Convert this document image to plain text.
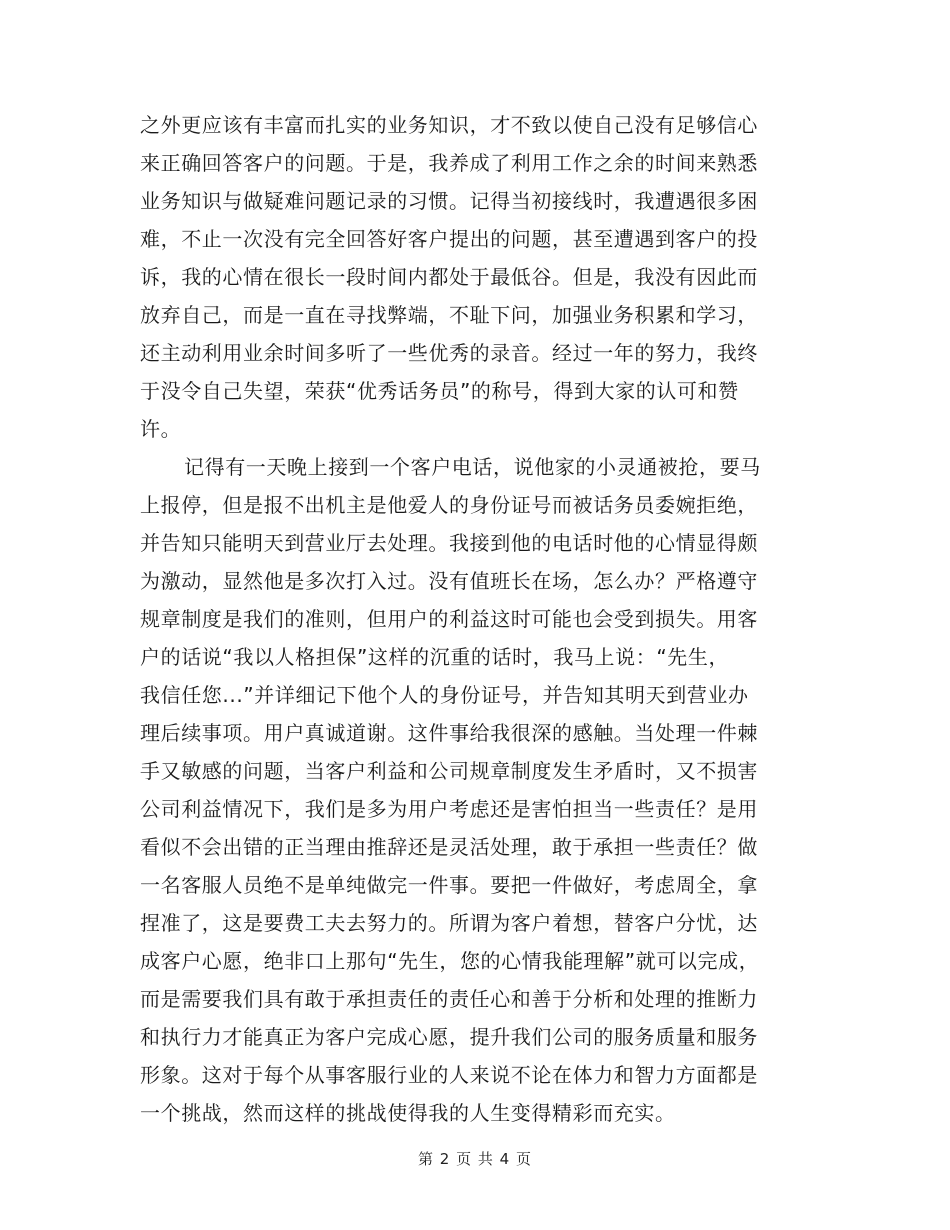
之外更应该有丰富而扎实的业务知识，才不致以使自己没有足够信心
来正确回答客户的问题。于是，我养成了利用工作之余的时间来熟悉
业务知识与做疑难问题记录的习惯。记得当初接线时，我遭遇很多困
难，不止一次没有完全回答好客户提出的问题，甚至遭遇到客户的投
诉，我的心情在很长一段时间内都处于最低谷。但是，我没有因此而
放弃自己，而是一直在寻找弊端，不耻下问，加强业务积累和学习，
还主动利用业余时间多听了一些优秀的录音。经过一年的努力，我终
于没令自己失望，荣获“优秀话务员”的称号，得到大家的认可和赞
许。
记得有一天晚上接到一个客户电话，说他家的小灵通被抢，要马
上报停，但是报不出机主是他爱人的身份证号而被话务员委婉拒绝，
并告知只能明天到营业厅去处理。我接到他的电话时他的心情显得颇
为激动，显然他是多次打入过。没有值班长在场，怎么办？严格遵守
规章制度是我们的准则，但用户的利益这时可能也会受到损失。用客
户的话说“我以人格担保”这样的沉重的话时，我马上说：“先生，
我信任您...”并详细记下他个人的身份证号，并告知其明天到营业办
理后续事项。用户真诚道谢。这件事给我很深的感触。当处理一件棘
手又敏感的问题，当客户利益和公司规章制度发生矛盾时，又不损害
公司利益情况下，我们是多为用户考虑还是害怕担当一些责任？是用
看似不会出错的正当理由推辞还是灵活处理，敢于承担一些责任？做
一名客服人员绝不是单纯做完一件事。要把一件做好，考虑周全，拿
捏准了，这是要费工夫去努力的。所谓为客户着想，替客户分忧，达
成客户心愿，绝非口上那句“先生，您的心情我能理解”就可以完成，
而是需要我们具有敢于承担责任的责任心和善于分析和处理的推断力
和执行力才能真正为客户完成心愿，提升我们公司的服务质量和服务
形象。这对于每个从事客服行业的人来说不论在体力和智力方面都是
一个挑战，然而这样的挑战使得我的人生变得精彩而充实。
第 2 页 共 4 页
